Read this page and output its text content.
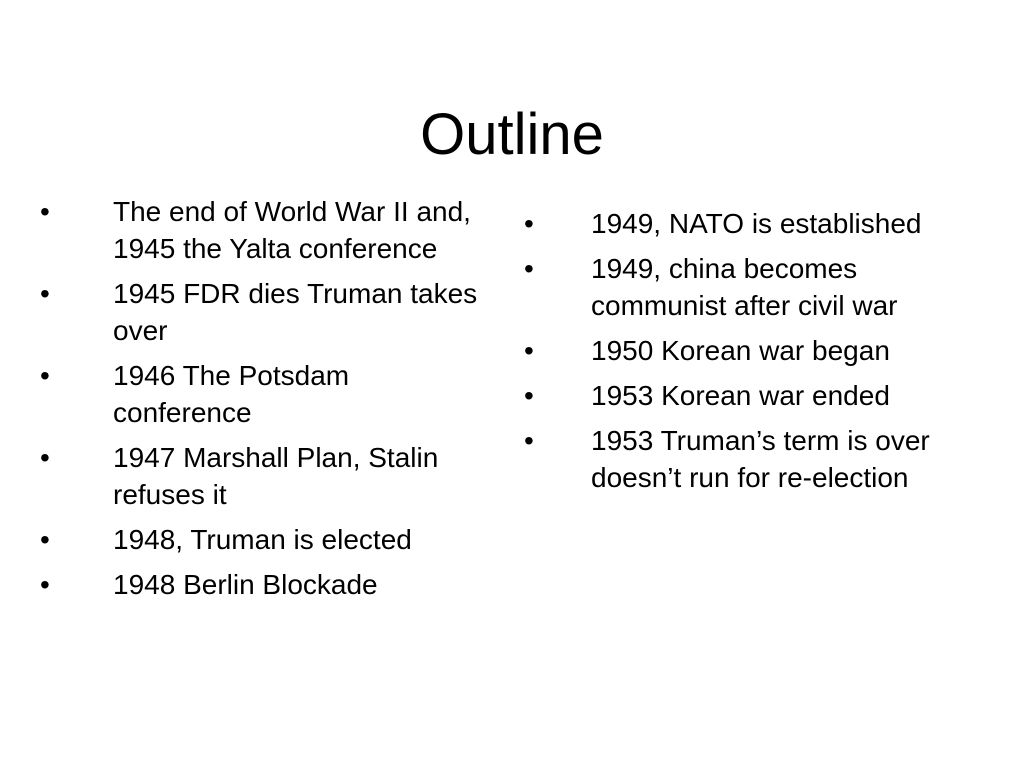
Outline
• The end of World War II and, 1945 the Yalta conference
• 1945 FDR dies Truman takes over
• 1946 The Potsdam conference
• 1947 Marshall Plan, Stalin refuses it
• 1948, Truman is elected
• 1948 Berlin Blockade
• 1949, NATO is established
• 1949, china becomes communist after civil war
• 1950 Korean war began
• 1953 Korean war ended
• 1953 Truman’s term is over doesn’t run for re-election
